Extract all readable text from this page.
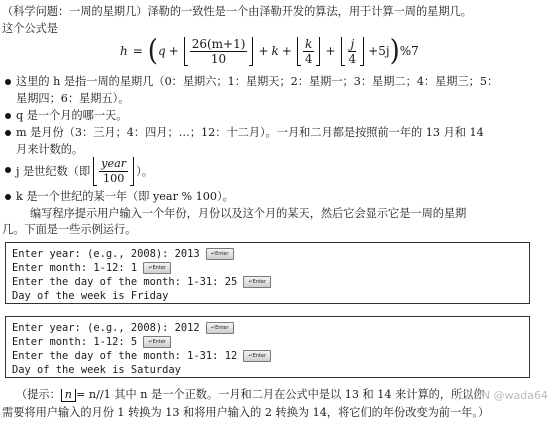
（科学问题：一周的星期几）泽勒的一致性是一个由泽勒开发的算法，用于计算一周的星期几。
这个公式是
h = ( $q + \frac{26(m+1)}{10} + k + \frac{k}{4} + \frac{j}{4} +5j$ ) %7
这里的 h 是指一周的星期几（0：星期六；1：星期天；2：星期一；3：星期二；4：星期三；5：
星期四；6：星期五）。
q 是一个月的哪一天。
m 是月份（3：三月；4：四月；…；12：十二月）。一月和二月都是按照前一年的 13 月和 14
月来计数的。
j 是世纪数（即 $\frac{\text{year}}{100}$ ）。
k 是一个世纪的某一年（即 year % 100）。
编写程序提示用户输入一个年份，月份以及这个月的某天，然后它会显示它是一周的星期
几。下面是一些示例运行。
Enter year: (e.g., 2008): 2013 ↵Enter
Enter month: 1-12: 1 ↵Enter
Enter the day of the month: 1-31: 25 ↵Enter
Day of the week is Friday
Enter year: (e.g., 2008): 2012 ↵Enter
Enter month: 1-12: 5 ↵Enter
Enter the day of the month: 1-31: 12 ↵Enter
Day of the week is Saturday
（提示： n = n//1 其中 n 是一个正数。一月和二月在公式中是以 13 和 14 来计算的，所以你
需要将用户输入的月份 1 转换为 13 和将用户输入的 2 转换为 14，将它们的年份改变为前一年。）
CSDN @wada64
